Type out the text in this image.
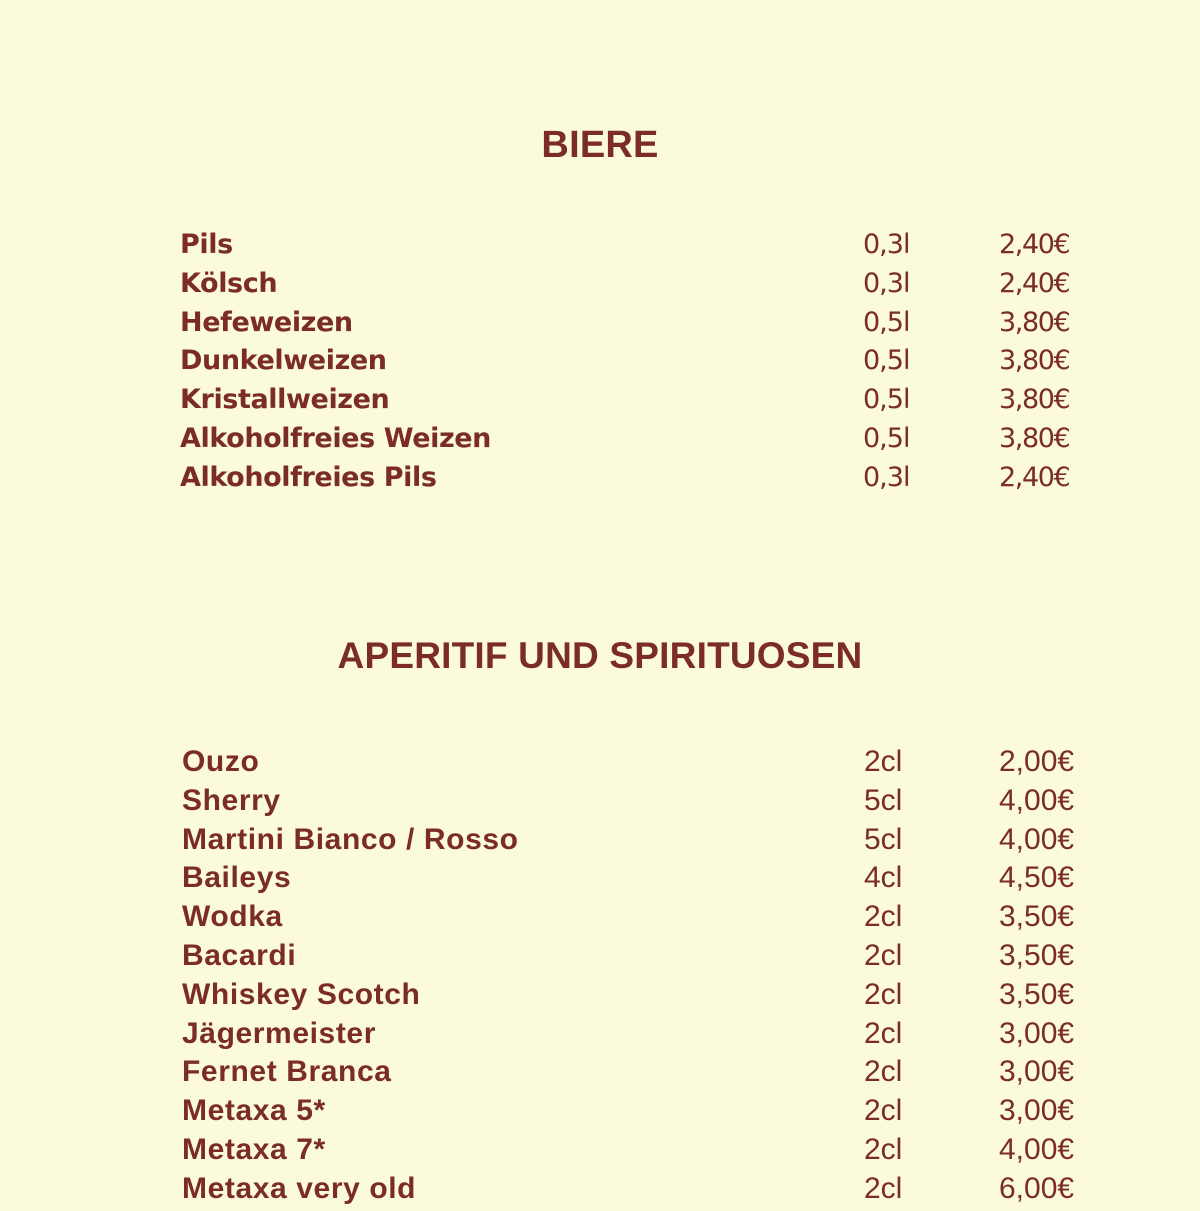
BIERE
Pils	0,3l	2,40€
Kölsch	0,3l	2,40€
Hefeweizen	0,5l	3,80€
Dunkelweizen	0,5l	3,80€
Kristallweizen	0,5l	3,80€
Alkoholfreies Weizen	0,5l	3,80€
Alkoholfreies Pils	0,3l	2,40€
APERITIF UND SPIRITUOSEN
Ouzo	2cl	2,00€
Sherry	5cl	4,00€
Martini Bianco / Rosso	5cl	4,00€
Baileys	4cl	4,50€
Wodka	2cl	3,50€
Bacardi	2cl	3,50€
Whiskey Scotch	2cl	3,50€
Jägermeister	2cl	3,00€
Fernet Branca	2cl	3,00€
Metaxa 5*	2cl	3,00€
Metaxa 7*	2cl	4,00€
Metaxa very old	2cl	6,00€
